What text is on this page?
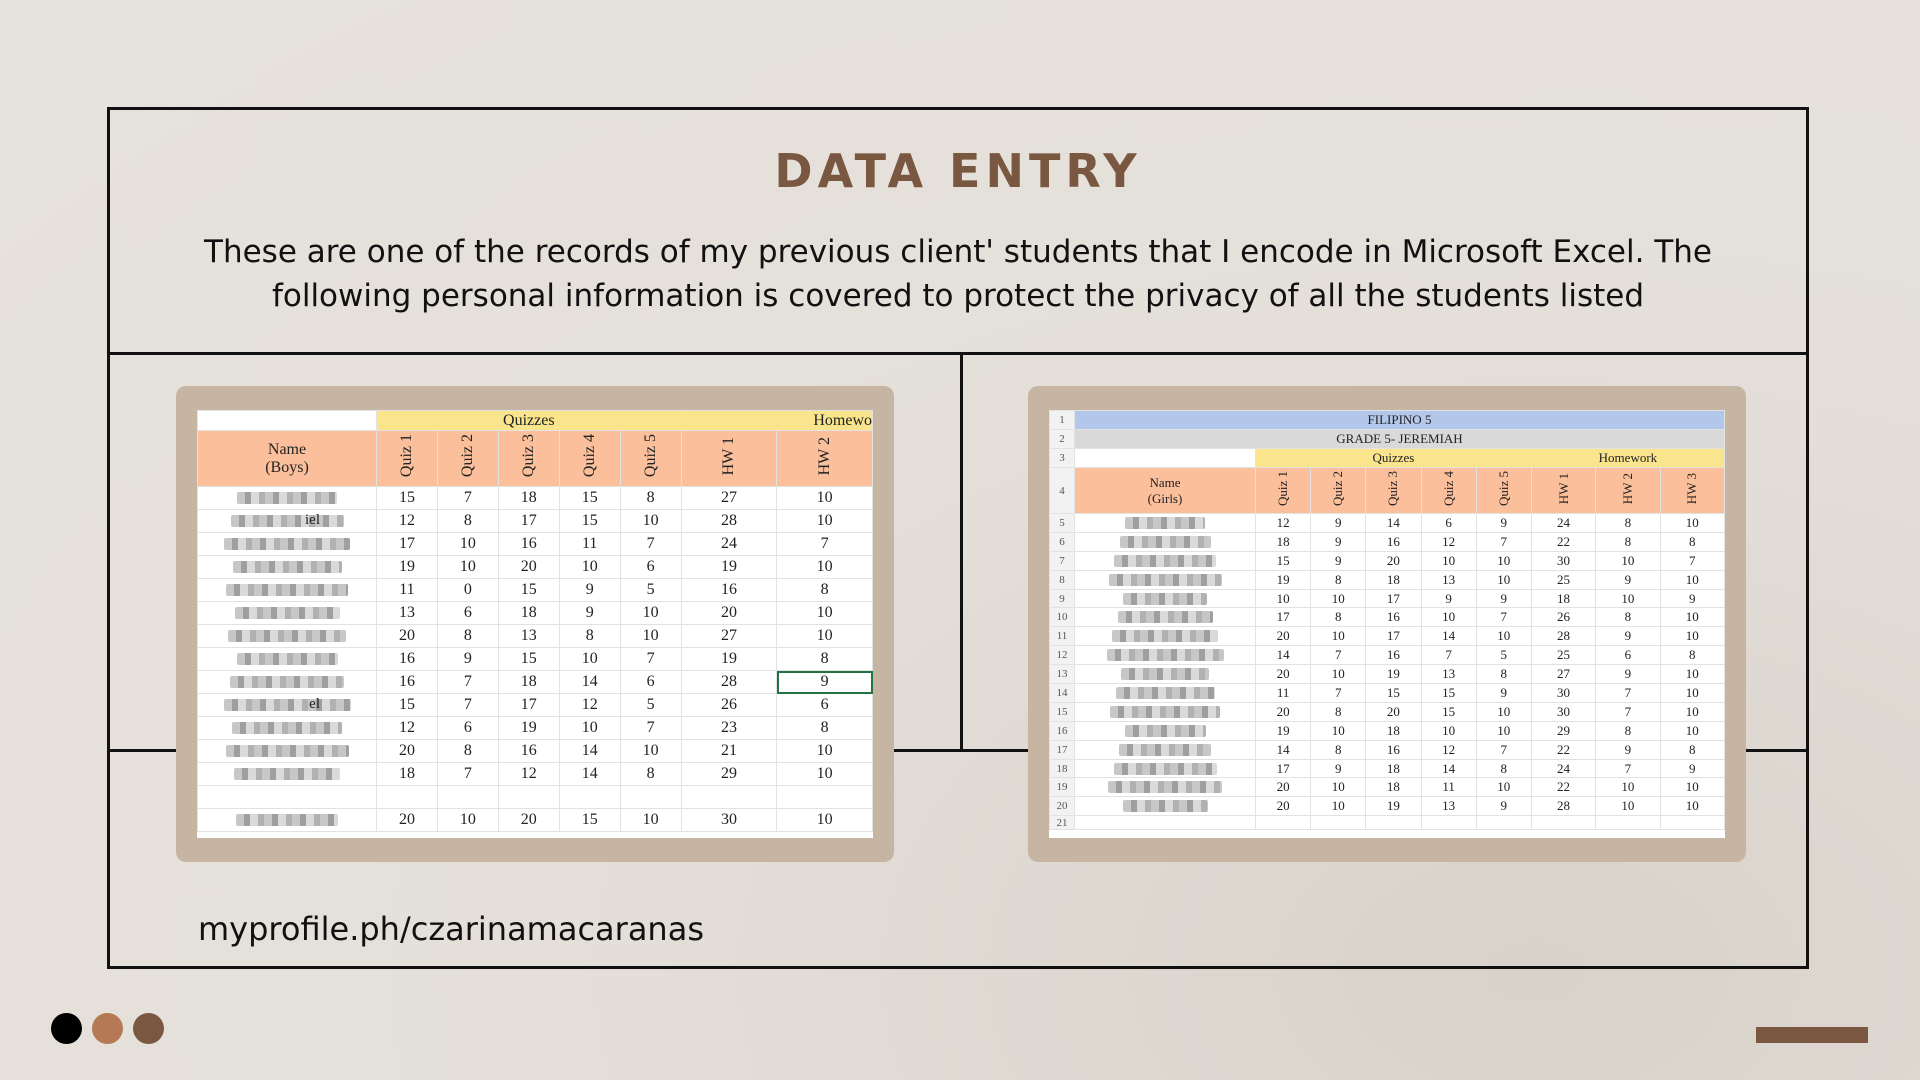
DATA ENTRY
These are one of the records of my previous client' students that I encode in Microsoft Excel. The following personal information is covered to protect the privacy of all the students listed
myprofile.ph/czarinamacaranas
	Quizzes					Homewo	

Name
(Boys)	Quiz 1	Quiz 2	Quiz 3	Quiz 4	Quiz 5	HW 1	HW 2

	15	7	18	15	8	27	10

iel	12	8	17	15	10	28	10

	17	10	16	11	7	24	7

	19	10	20	10	6	19	10

	11	0	15	9	5	16	8

	13	6	18	9	10	20	10

	20	8	13	8	10	27	10

	16	9	15	10	7	19	8

	16	7	18	14	6	28	9

el	15	7	17	12	5	26	6

	12	6	19	10	7	23	8

	20	8	16	14	10	21	10

	18	7	12	14	8	29	10

	20	10	20	15	10	30	10
1	FILIPINO 5								
2	GRADE 5- JEREMIAH								
3		Quizzes					Homework		
4	Name
(Girls)	Quiz 1	Quiz 2	Quiz 3	Quiz 4	Quiz 5	HW 1	HW 2	HW 3
5		12	9	14	6	9	24	8	10
6		18	9	16	12	7	22	8	8
7		15	9	20	10	10	30	10	7
8		19	8	18	13	10	25	9	10
9		10	10	17	9	9	18	10	9
10		17	8	16	10	7	26	8	10
11		20	10	17	14	10	28	9	10
12		14	7	16	7	5	25	6	8
13		20	10	19	13	8	27	9	10
14		11	7	15	15	9	30	7	10
15		20	8	20	15	10	30	7	10
16		19	10	18	10	10	29	8	10
17		14	8	16	12	7	22	9	8
18		17	9	18	14	8	24	7	9
19		20	10	18	11	10	22	10	10
20		20	10	19	13	9	28	10	10
21									
